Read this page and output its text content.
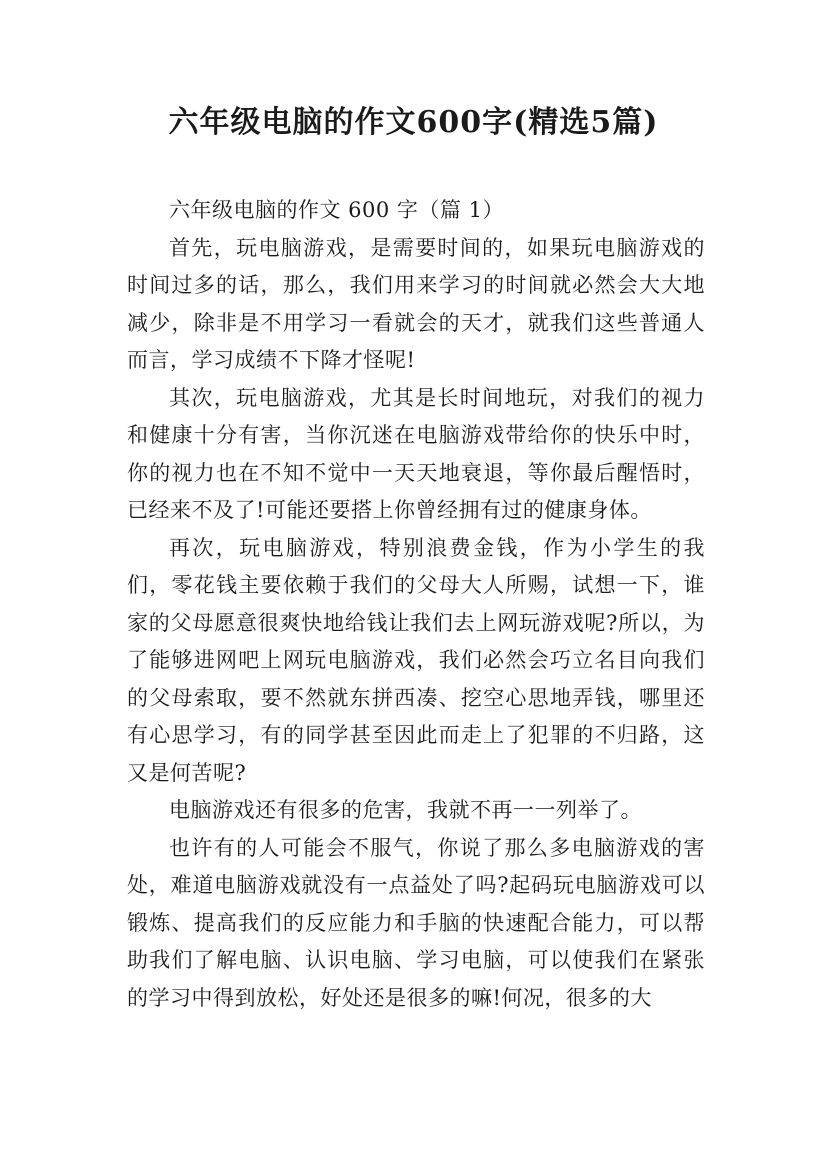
六年级电脑的作文600字(精选5篇)

六年级电脑的作文 600 字（篇 1）

首先，玩电脑游戏，是需要时间的，如果玩电脑游戏的时间过多的话，那么，我们用来学习的时间就必然会大大地减少，除非是不用学习一看就会的天才，就我们这些普通人而言，学习成绩不下降才怪呢!

其次，玩电脑游戏，尤其是长时间地玩，对我们的视力和健康十分有害，当你沉迷在电脑游戏带给你的快乐中时，你的视力也在不知不觉中一天天地衰退，等你最后醒悟时，已经来不及了!可能还要搭上你曾经拥有过的健康身体。

再次，玩电脑游戏，特别浪费金钱，作为小学生的我们，零花钱主要依赖于我们的父母大人所赐，试想一下，谁家的父母愿意很爽快地给钱让我们去上网玩游戏呢?所以，为了能够进网吧上网玩电脑游戏，我们必然会巧立名目向我们的父母索取，要不然就东拼西凑、挖空心思地弄钱，哪里还有心思学习，有的同学甚至因此而走上了犯罪的不归路，这又是何苦呢?

电脑游戏还有很多的危害，我就不再一一列举了。

也许有的人可能会不服气，你说了那么多电脑游戏的害处，难道电脑游戏就没有一点益处了吗?起码玩电脑游戏可以锻炼、提高我们的反应能力和手脑的快速配合能力，可以帮助我们了解电脑、认识电脑、学习电脑，可以使我们在紧张的学习中得到放松，好处还是很多的嘛!何况，很多的大
